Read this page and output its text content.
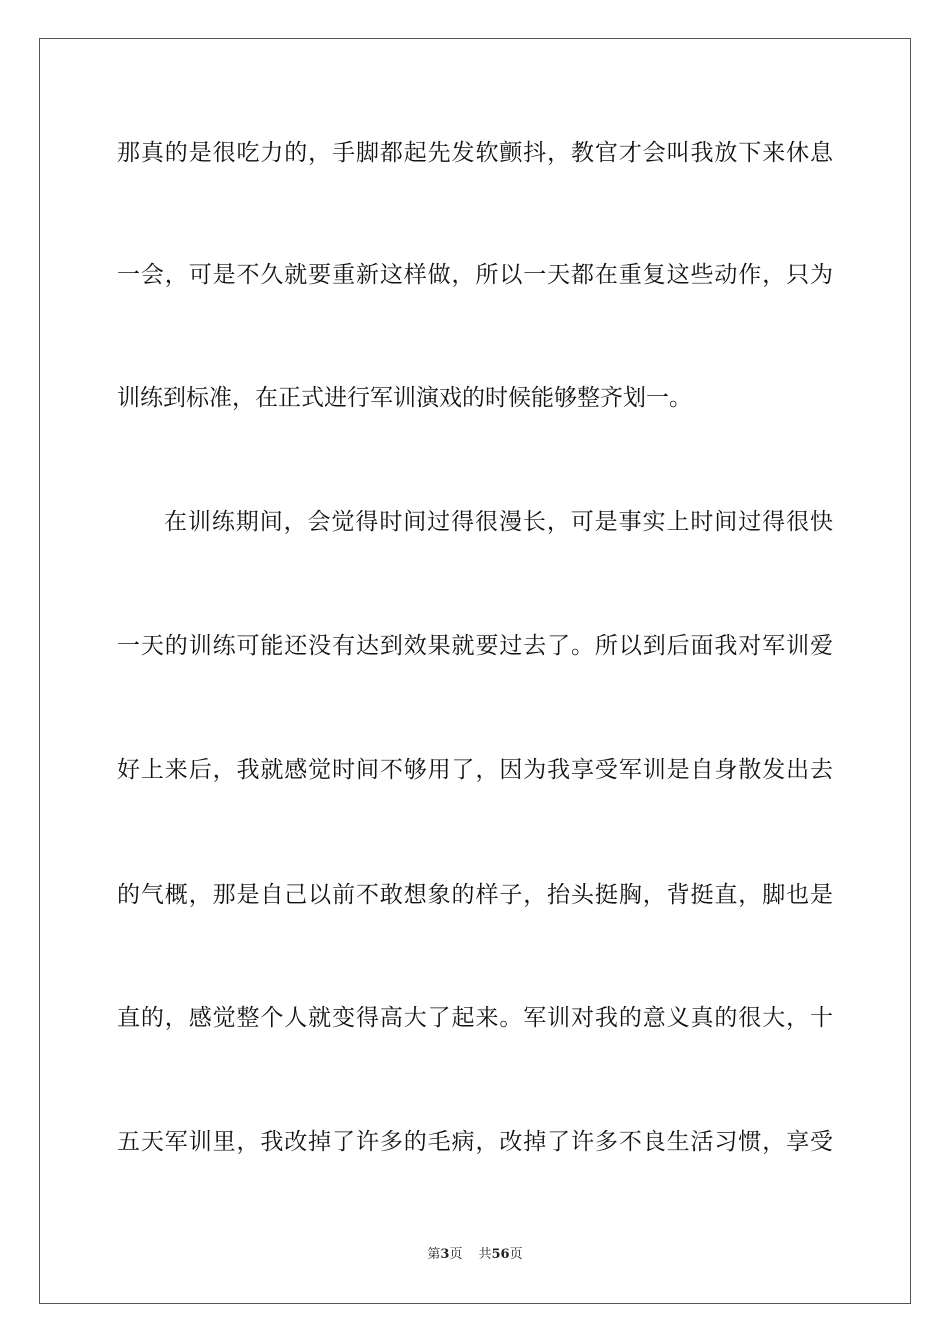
那真的是很吃力的，手脚都起先发软颤抖，教官才会叫我放下来休息
一会，可是不久就要重新这样做，所以一天都在重复这些动作，只为
训练到标准，在正式进行军训演戏的时候能够整齐划一。
在训练期间，会觉得时间过得很漫长，可是事实上时间过得很快
一天的训练可能还没有达到效果就要过去了。所以到后面我对军训爱
好上来后，我就感觉时间不够用了，因为我享受军训是自身散发出去
的气概，那是自己以前不敢想象的样子，抬头挺胸，背挺直，脚也是
直的，感觉整个人就变得高大了起来。军训对我的意义真的很大，十
五天军训里，我改掉了许多的毛病，改掉了许多不良生活习惯，享受
第3页 共56页
